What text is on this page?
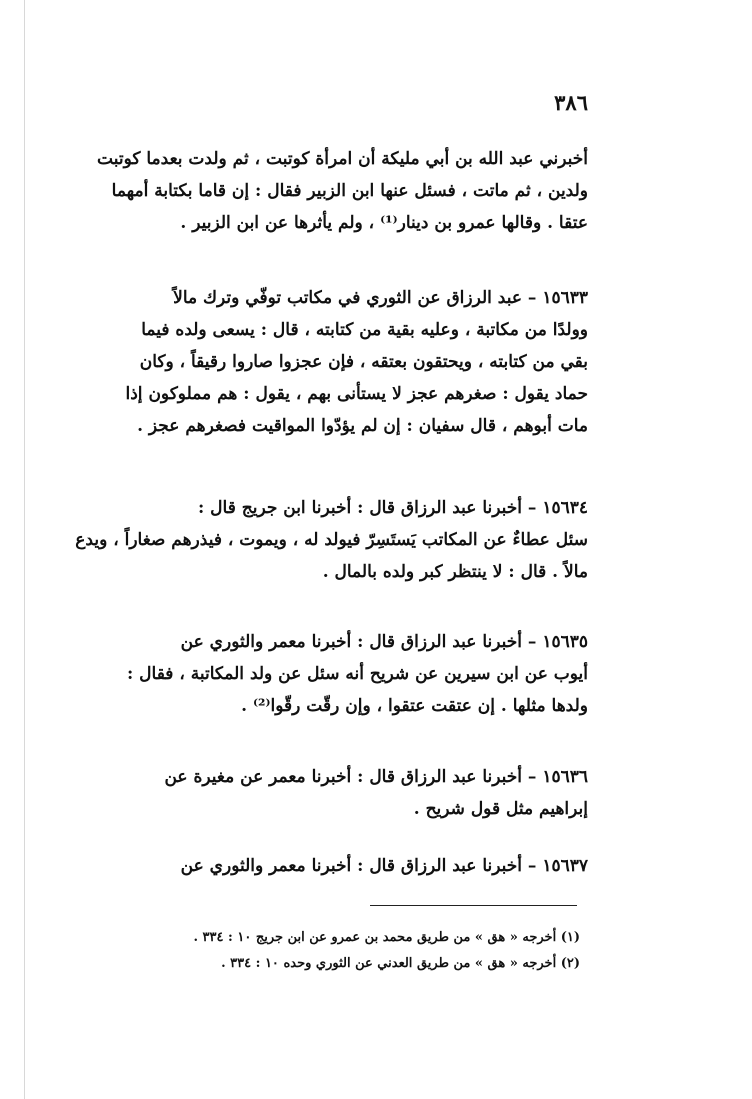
٣٨٦
أخبرني عبد الله بن أبي مليكة أن امرأة كوتبت ، ثم ولدت بعدما كوتبت
ولدين ، ثم ماتت ، فسئل عنها ابن الزبير فقال : إن قاما بكتابة أمهما
عتقا . وقالها عمرو بن دينار⁽¹⁾ ، ولم يأثرها عن ابن الزبير .
١٥٦٣٣ – عبد الرزاق عن الثوري في مكاتب توفّي وترك مالاً
وولدًا من مكاتبة ، وعليه بقية من كتابته ، قال : يسعى ولده فيما
بقي من كتابته ، ويحتقون بعتقه ، فإن عجزوا صاروا رقيقاً ، وكان
حماد يقول : صغرهم عجز لا يستأنى بهم ، يقول : هم مملوكون إذا
مات أبوهم ، قال سفيان : إن لم يؤدّوا المواقيت فصغرهم عجز .
١٥٦٣٤ – أخبرنا عبد الرزاق قال : أخبرنا ابن جريج قال :
سئل عطاءٌ عن المكاتب يَستَسِرّ فيولد له ، ويموت ، فيذرهم صغاراً ، ويدع
مالاً . قال : لا ينتظر كبر ولده بالمال .
١٥٦٣٥ – أخبرنا عبد الرزاق قال : أخبرنا معمر والثوري عن
أيوب عن ابن سيرين عن شريح أنه سئل عن ولد المكاتبة ، فقال :
ولدها مثلها . إن عتقت عتقوا ، وإن رقّت رقّوا⁽²⁾ .
١٥٦٣٦ – أخبرنا عبد الرزاق قال : أخبرنا معمر عن مغيرة عن
إبراهيم مثل قول شريح .
١٥٦٣٧ – أخبرنا عبد الرزاق قال : أخبرنا معمر والثوري عن
(١) أخرجه « هق » من طريق محمد بن عمرو عن ابن جريج ١٠ : ٣٣٤ .
(٢) أخرجه « هق » من طريق العدني عن الثوري وحده ١٠ : ٣٣٤ .
